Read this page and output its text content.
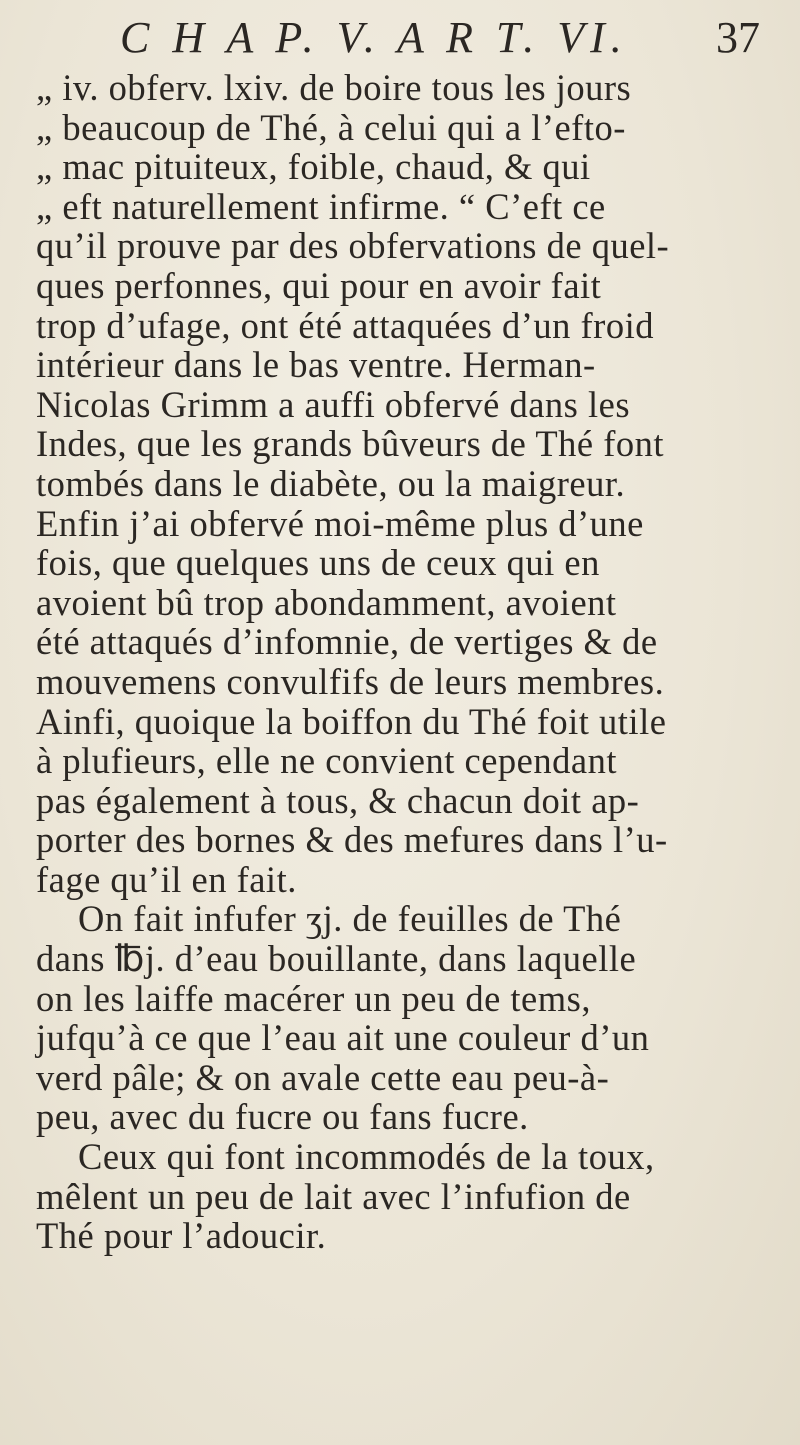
C H A P. V. A R T. VI. 37
„ iv. obferv. lxiv. de boire tous les jours
„ beaucoup de Thé, à celui qui a l’efto-
„ mac pituiteux, foible, chaud, & qui
„ eft naturellement infirme. “ C’eft ce
qu’il prouve par des obfervations de quel-
ques perfonnes, qui pour en avoir fait
trop d’ufage, ont été attaquées d’un froid
intérieur dans le bas ventre. Herman-
Nicolas Grimm a auffi obfervé dans les
Indes, que les grands bûveurs de Thé font
tombés dans le diabète, ou la maigreur.
Enfin j’ai obfervé moi-même plus d’une
fois, que quelques uns de ceux qui en
avoient bû trop abondamment, avoient
été attaqués d’infomnie, de vertiges & de
mouvemens convulfifs de leurs membres.
Ainfi, quoique la boiffon du Thé foit utile
à plufieurs, elle ne convient cependant
pas également à tous, & chacun doit ap-
porter des bornes & des mefures dans l’u-
fage qu’il en fait.
On fait infufer ʒj. de feuilles de Thé
dans ℔j. d’eau bouillante, dans laquelle
on les laiffe macérer un peu de tems,
jufqu’à ce que l’eau ait une couleur d’un
verd pâle; & on avale cette eau peu-à-
peu, avec du fucre ou fans fucre.
Ceux qui font incommodés de la toux,
mêlent un peu de lait avec l’infufion de
Thé pour l’adoucir.
